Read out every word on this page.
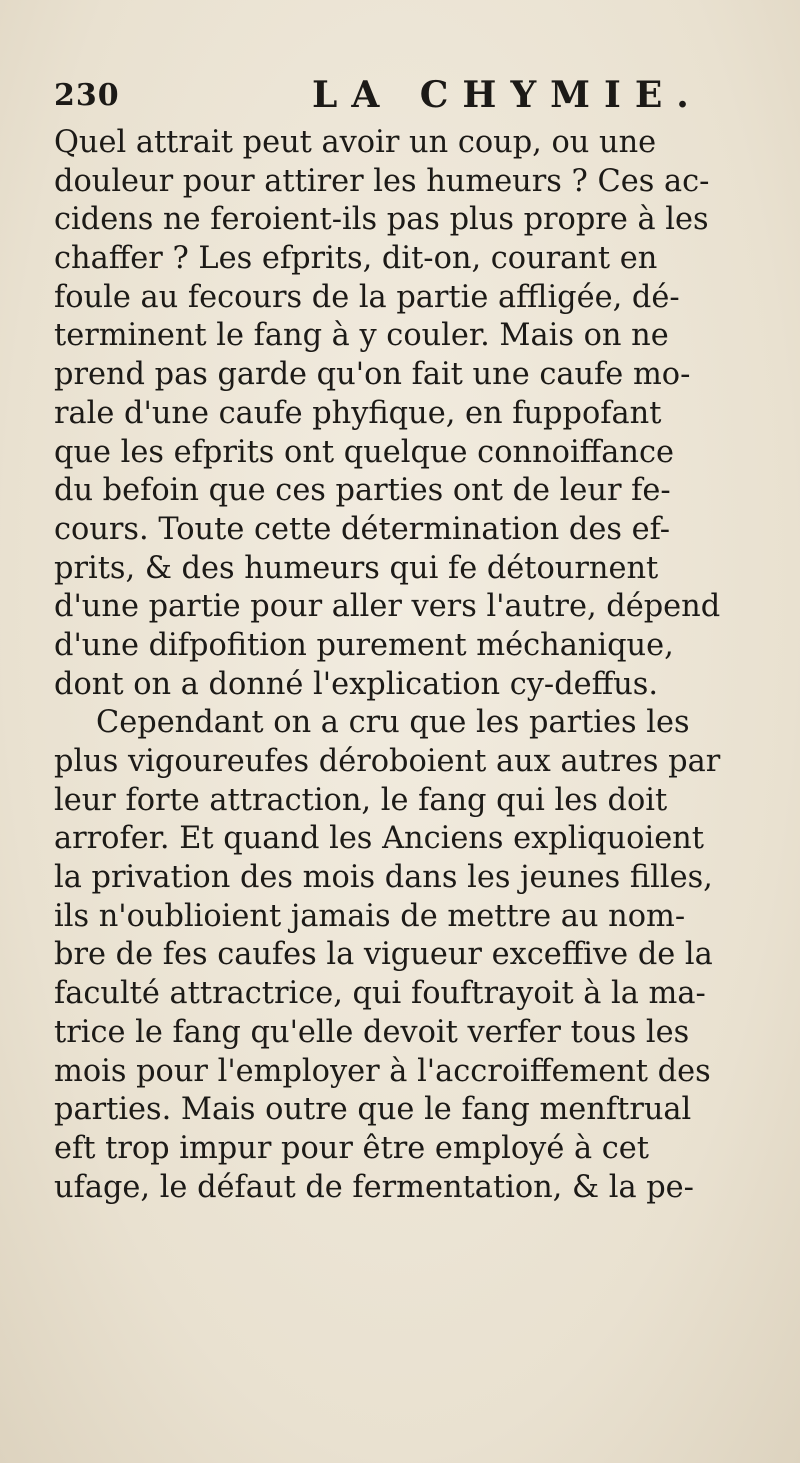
230	LA CHYMIE.
Quel attrait peut avoir un coup, ou une
douleur pour attirer les humeurs ? Ces ac-
cidens ne feroient-ils pas plus propre à les
chaffer ? Les efprits, dit-on, courant en
foule au fecours de la partie affligée, dé-
terminent le fang à y couler. Mais on ne
prend pas garde qu'on fait une caufe mo-
rale d'une caufe phyfique, en fuppofant
que les efprits ont quelque connoiffance
du befoin que ces parties ont de leur fe-
cours. Toute cette détermination des ef-
prits, & des humeurs qui fe détournent
d'une partie pour aller vers l'autre, dépend
d'une difpofition purement méchanique,
dont on a donné l'explication cy-deffus.
Cependant on a cru que les parties les
plus vigoureufes déroboient aux autres par
leur forte attraction, le fang qui les doit
arrofer. Et quand les Anciens expliquoient
la privation des mois dans les jeunes filles,
ils n'oublioient jamais de mettre au nom-
bre de fes caufes la vigueur exceffive de la
faculté attractrice, qui fouftrayoit à la ma-
trice le fang qu'elle devoit verfer tous les
mois pour l'employer à l'accroiffement des
parties. Mais outre que le fang menftrual
eft trop impur pour être employé à cet
ufage, le défaut de fermentation, & la pe-
